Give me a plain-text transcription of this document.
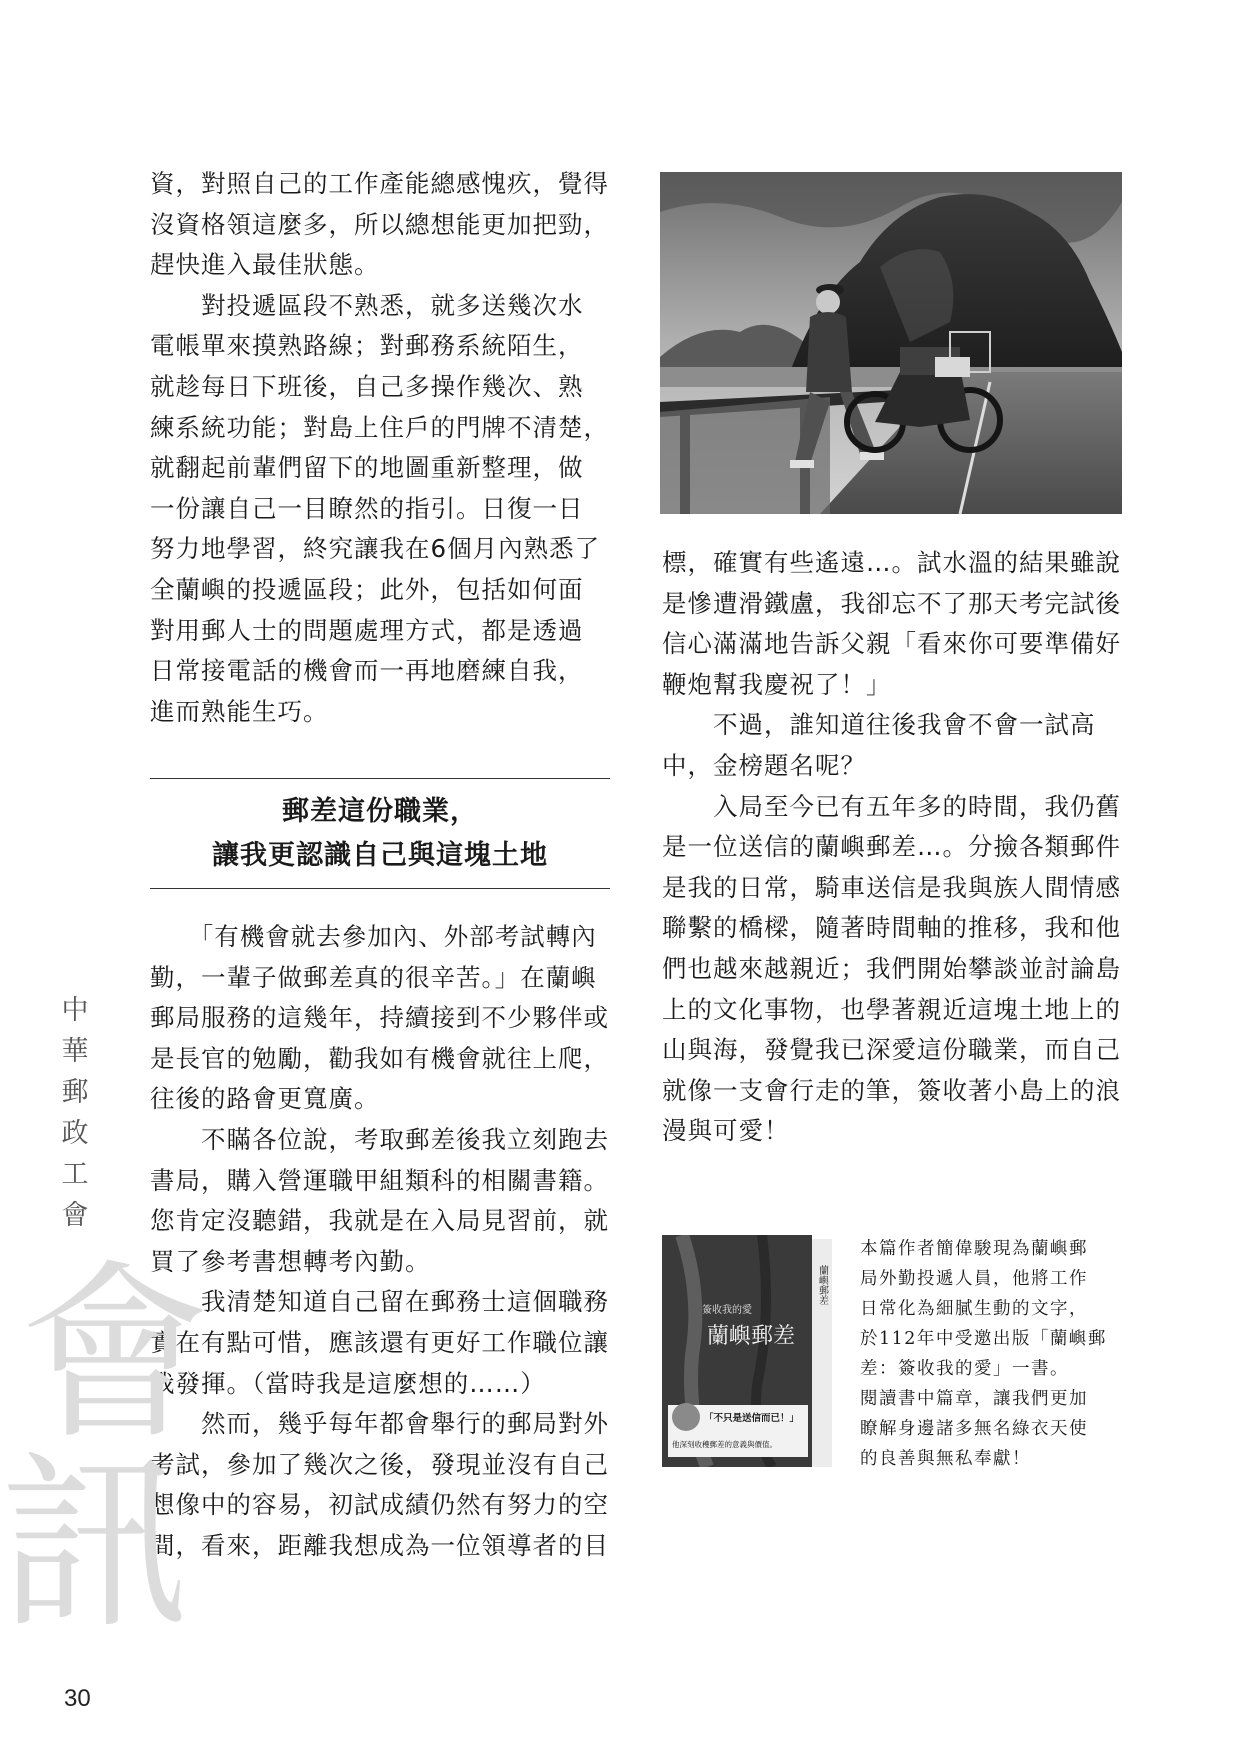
資，對照自己的工作產能總感愧疚，覺得

沒資格領這麼多，所以總想能更加把勁，

趕快進入最佳狀態。

　　對投遞區段不熟悉，就多送幾次水

電帳單來摸熟路線；對郵務系統陌生，

就趁每日下班後，自己多操作幾次、熟

練系統功能；對島上住戶的門牌不清楚，

就翻起前輩們留下的地圖重新整理，做

一份讓自己一目瞭然的指引。日復一日

努力地學習，終究讓我在6個月內熟悉了

全蘭嶼的投遞區段；此外，包括如何面

對用郵人士的問題處理方式，都是透過

日常接電話的機會而一再地磨練自我，

進而熟能生巧。

郵差這份職業，
讓我更認識自己與這塊土地

　　「有機會就去參加內、外部考試轉內

勤，一輩子做郵差真的很辛苦。」在蘭嶼

郵局服務的這幾年，持續接到不少夥伴或

是長官的勉勵，勸我如有機會就往上爬，

往後的路會更寬廣。

　　不瞞各位說，考取郵差後我立刻跑去

書局，購入營運職甲組類科的相關書籍。

您肯定沒聽錯，我就是在入局見習前，就

買了參考書想轉考內勤。

　　我清楚知道自己留在郵務士這個職務

實在有點可惜，應該還有更好工作職位讓

我發揮。（當時我是這麼想的……）

　　然而，幾乎每年都會舉行的郵局對外

考試，參加了幾次之後，發現並沒有自己

想像中的容易，初試成績仍然有努力的空

間，看來，距離我想成為一位領導者的目

標，確實有些遙遠…。試水溫的結果雖說

是慘遭滑鐵盧，我卻忘不了那天考完試後

信心滿滿地告訴父親「看來你可要準備好

鞭炮幫我慶祝了！」

　　不過，誰知道往後我會不會一試高

中，金榜題名呢？

　　入局至今已有五年多的時間，我仍舊

是一位送信的蘭嶼郵差…。分撿各類郵件

是我的日常，騎車送信是我與族人間情感

聯繫的橋樑，隨著時間軸的推移，我和他

們也越來越親近；我們開始攀談並討論島

上的文化事物，也學著親近這塊土地上的

山與海，發覺我已深愛這份職業，而自己

就像一支會行走的筆，簽收著小島上的浪

漫與可愛！

簽收我的愛
蘭嶼郵差
「不只是送信而已！」
他深刻收穫郵差的意義與價值。
蘭嶼郵差
本篇作者簡偉駿現為蘭嶼郵
局外勤投遞人員，他將工作
日常化為細膩生動的文字，
於112年中受邀出版「蘭嶼郵
差：簽收我的愛」一書。
閱讀書中篇章，讓我們更加
瞭解身邊諸多無名綠衣天使
的良善與無私奉獻！
中
華
郵
政
工
會
會
訊
30
